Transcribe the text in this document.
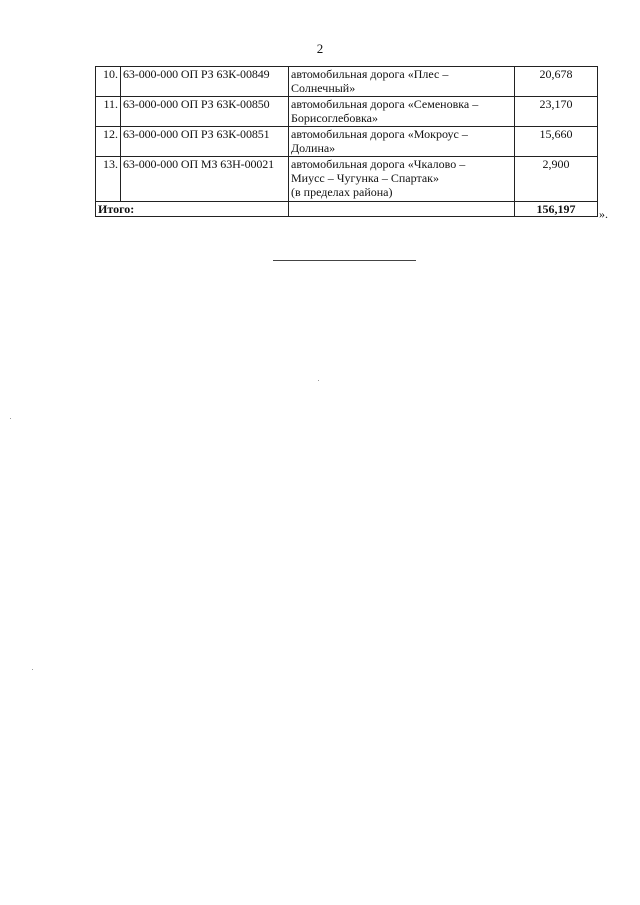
2
10.	63-000-000 ОП РЗ 63К-00849	автомобильная дорога «Плес –
Солнечный»	20,678
11.	63-000-000 ОП РЗ 63К-00850	автомобильная дорога «Семеновка –
Борисоглебовка»	23,170
12.	63-000-000 ОП РЗ 63К-00851	автомобильная дорога «Мокроус –
Долина»	15,660
13.	63-000-000 ОП МЗ 63Н-00021	автомобильная дорога «Чкалово –
Миусс – Чугунка – Спартак»
(в пределах района)	2,900
Итого:			156,197 ».
